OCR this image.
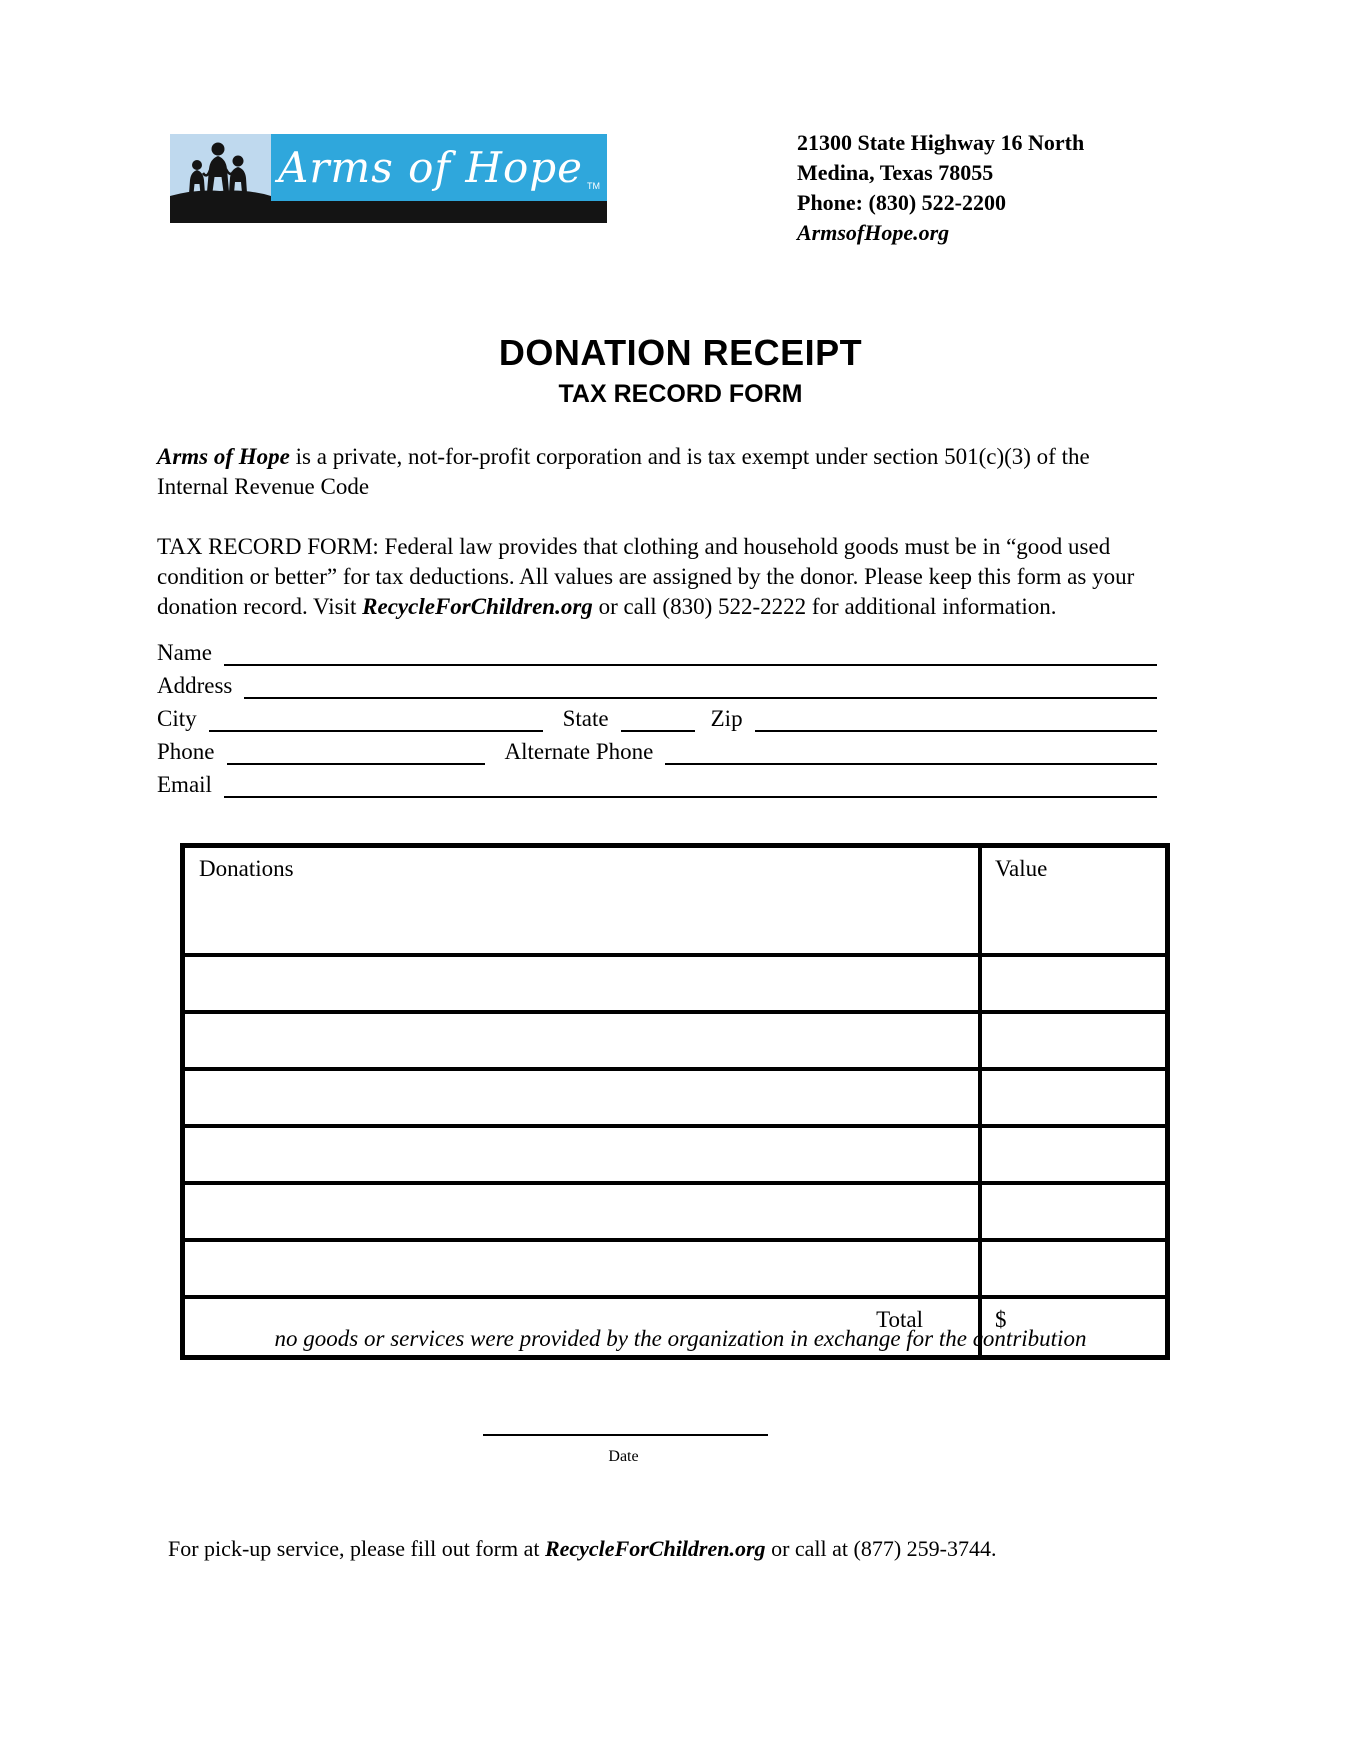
Arms of Hope TM
21300 State Highway 16 North
Medina, Texas 78055
Phone: (830) 522-2200
ArmsofHope.org
DONATION RECEIPT
TAX RECORD FORM
Arms of Hope is a private, not-for-profit corporation and is tax exempt under section 501(c)(3) of the Internal Revenue Code
TAX RECORD FORM: Federal law provides that clothing and household goods must be in “good used condition or better” for tax deductions. All values are assigned by the donor. Please keep this form as your donation record. Visit RecycleForChildren.org or call (830) 522-2222 for additional information.
Name
Address
City	State	Zip
Phone	Alternate Phone
Email
Donations	Value
Total	$
no goods or services were provided by the organization in exchange for the contribution
Date
For pick-up service, please fill out form at RecycleForChildren.org or call at (877) 259-3744.
